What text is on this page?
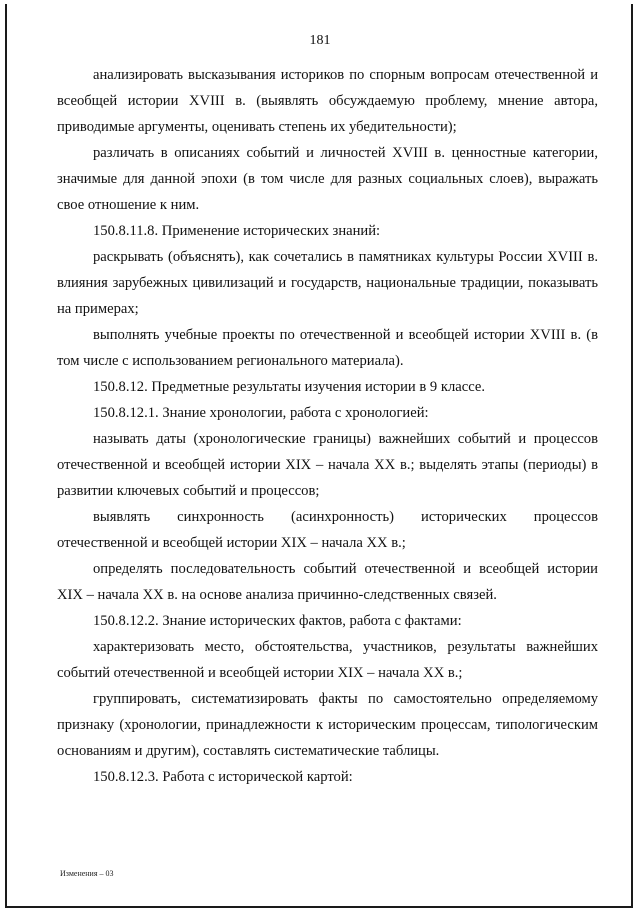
181

анализировать высказывания историков по спорным вопросам отечественной и всеобщей истории XVIII в. (выявлять обсуждаемую проблему, мнение автора, приводимые аргументы, оценивать степень их убедительности);

различать в описаниях событий и личностей XVIII в. ценностные категории, значимые для данной эпохи (в том числе для разных социальных слоев), выражать свое отношение к ним.

150.8.11.8. Применение исторических знаний:

раскрывать (объяснять), как сочетались в памятниках культуры России XVIII в. влияния зарубежных цивилизаций и государств, национальные традиции, показывать на примерах;

выполнять учебные проекты по отечественной и всеобщей истории XVIII в. (в том числе с использованием регионального материала).

150.8.12. Предметные результаты изучения истории в 9 классе.

150.8.12.1. Знание хронологии, работа с хронологией:

называть даты (хронологические границы) важнейших событий и процессов отечественной и всеобщей истории XIX – начала XX в.; выделять этапы (периоды) в развитии ключевых событий и процессов;

выявлять синхронность (асинхронность) исторических процессов отечественной и всеобщей истории XIX – начала XX в.;

определять последовательность событий отечественной и всеобщей истории XIX – начала XX в. на основе анализа причинно-следственных связей.

150.8.12.2. Знание исторических фактов, работа с фактами:

характеризовать место, обстоятельства, участников, результаты важнейших событий отечественной и всеобщей истории XIX – начала XX в.;

группировать, систематизировать факты по самостоятельно определяемому признаку (хронологии, принадлежности к историческим процессам, типологическим основаниям и другим), составлять систематические таблицы.

150.8.12.3. Работа с исторической картой:

Изменения – 03
